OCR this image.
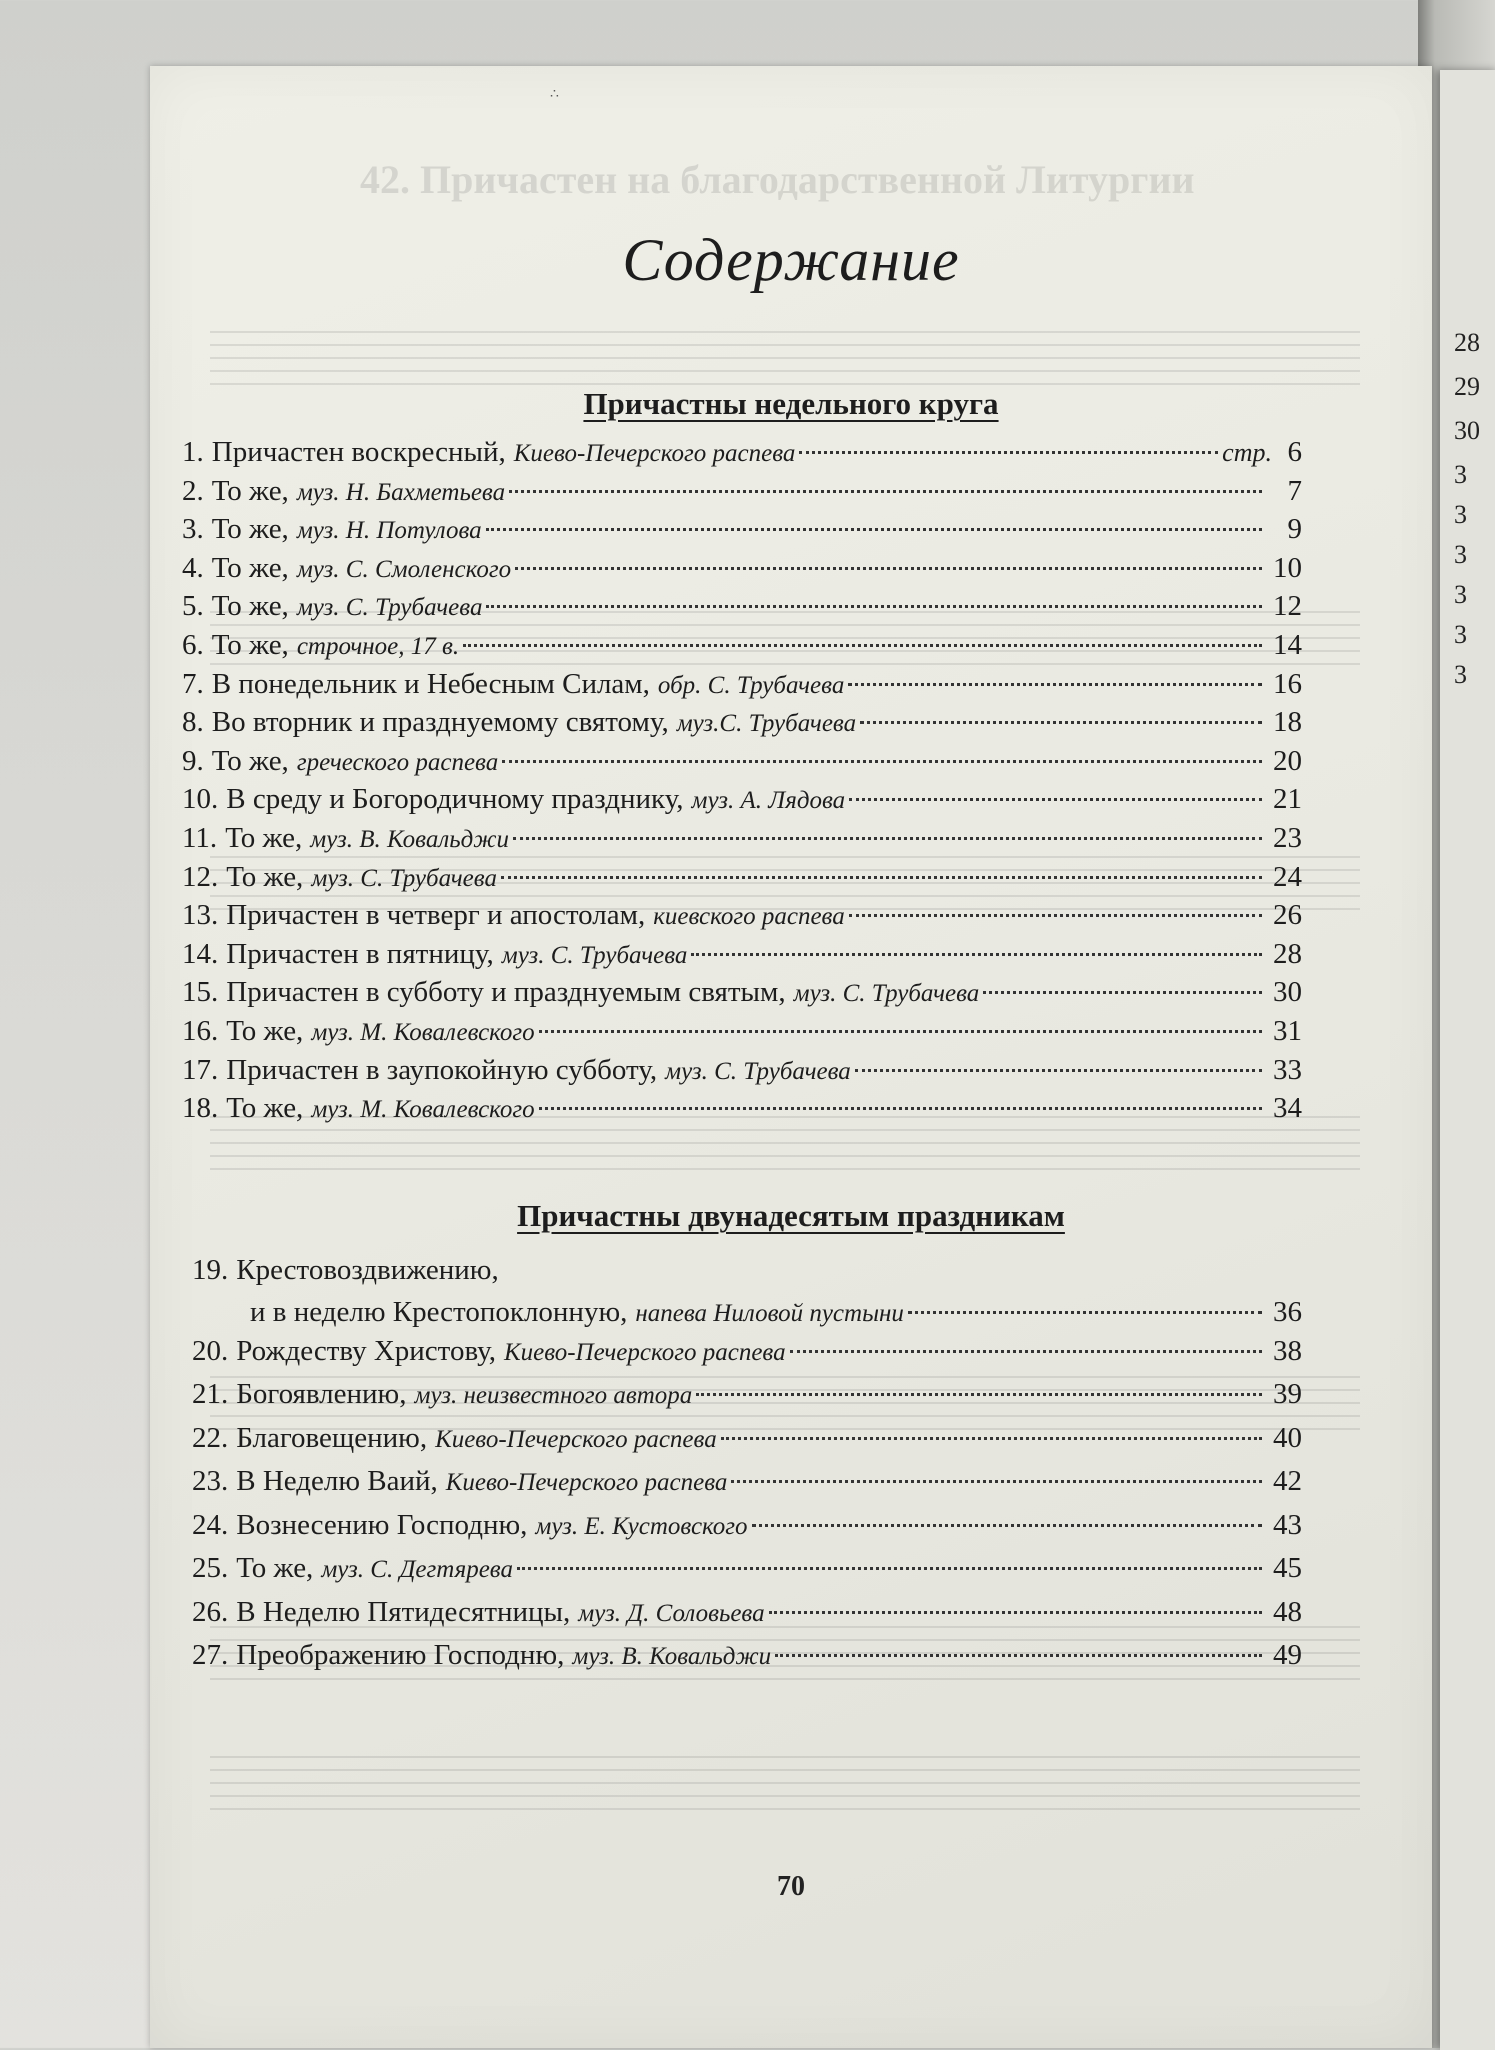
28
29
30
3
3
3
3
3
3
∴
42. Причастен на благодарственной Литургии
Содержание
Причастны недельного круга
1. Причастен воскресный, Киево-Печерского распева	стр. 6
2. То же, муз. Н. Бахметьева	7
3. То же, муз. Н. Потулова	9
4. То же, муз. С. Смоленского	10
5. То же, муз. С. Трубачева	12
6. То же, строчное, 17 в.	14
7. В понедельник и Небесным Силам, обр. С. Трубачева	16
8. Во вторник и празднуемому святому, муз.С. Трубачева	18
9. То же, греческого распева	20
10. В среду и Богородичному празднику, муз. А. Лядова	21
11. То же, муз. В. Ковальджи	23
12. То же, муз. С. Трубачева	24
13. Причастен в четверг и апостолам, киевского распева	26
14. Причастен в пятницу, муз. С. Трубачева	28
15. Причастен в субботу и празднуемым святым, муз. С. Трубачева	30
16. То же, муз. М. Ковалевского	31
17. Причастен в заупокойную субботу, муз. С. Трубачева	33
18. То же, муз. М. Ковалевского	34
Причастны двунадесятым праздникам
19. Крестовоздвижению,
и в неделю Крестопоклонную, напева Ниловой пустыни	36
20. Рождеству Христову, Киево-Печерского распева	38
21. Богоявлению, муз. неизвестного автора	39
22. Благовещению, Киево-Печерского распева	40
23. В Неделю Ваий, Киево-Печерского распева	42
24. Вознесению Господню, муз. Е. Кустовского	43
25. То же, муз. С. Дегтярева	45
26. В Неделю Пятидесятницы, муз. Д. Соловьева	48
27. Преображению Господню, муз. В. Ковальджи	49
70
